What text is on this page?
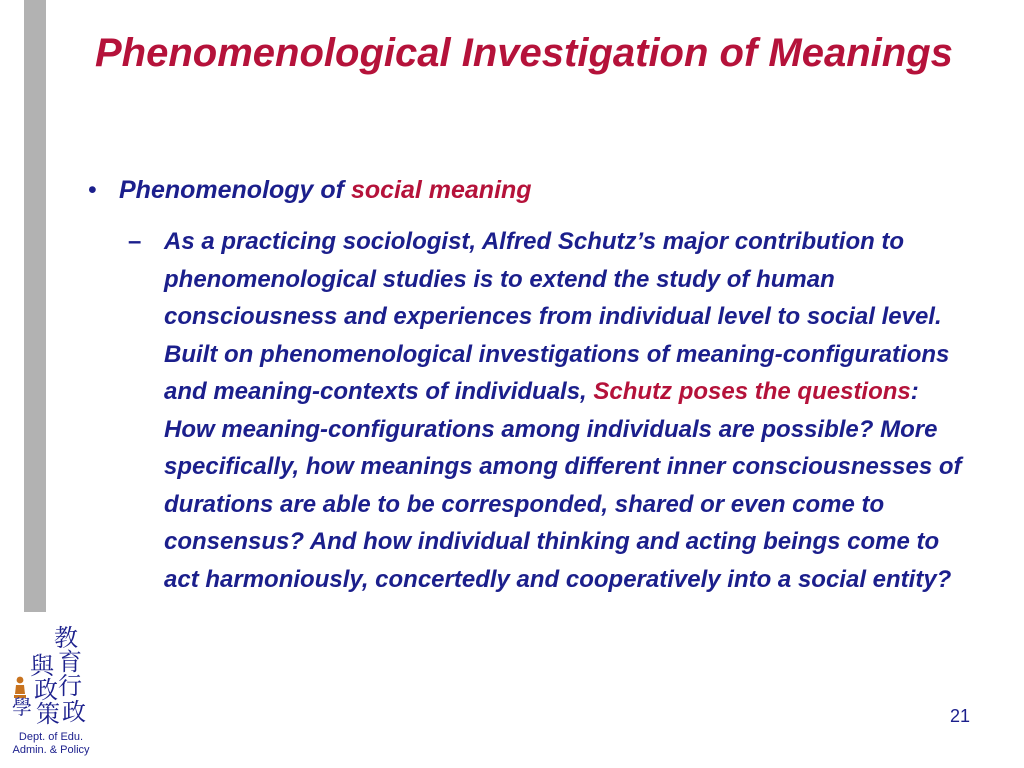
Phenomenological Investigation of Meanings
• Phenomenology of social meaning
– As a practicing sociologist, Alfred Schutz’s major contribution to phenomenological studies is to extend the study of human consciousness and experiences from individual level to social level. Built on phenomenological investigations of meaning-configurations and meaning-contexts of individuals, Schutz poses the questions: How meaning-configurations among individuals are possible? More specifically, how meanings among different inner consciousnesses of durations are able to be corresponded, shared or even come to consensus? And how individual thinking and acting beings come to act harmoniously, concertedly and cooperatively into a social entity?
教
與 育
行
政
學 策 政
Dept. of Edu.
Admin. & Policy
21
